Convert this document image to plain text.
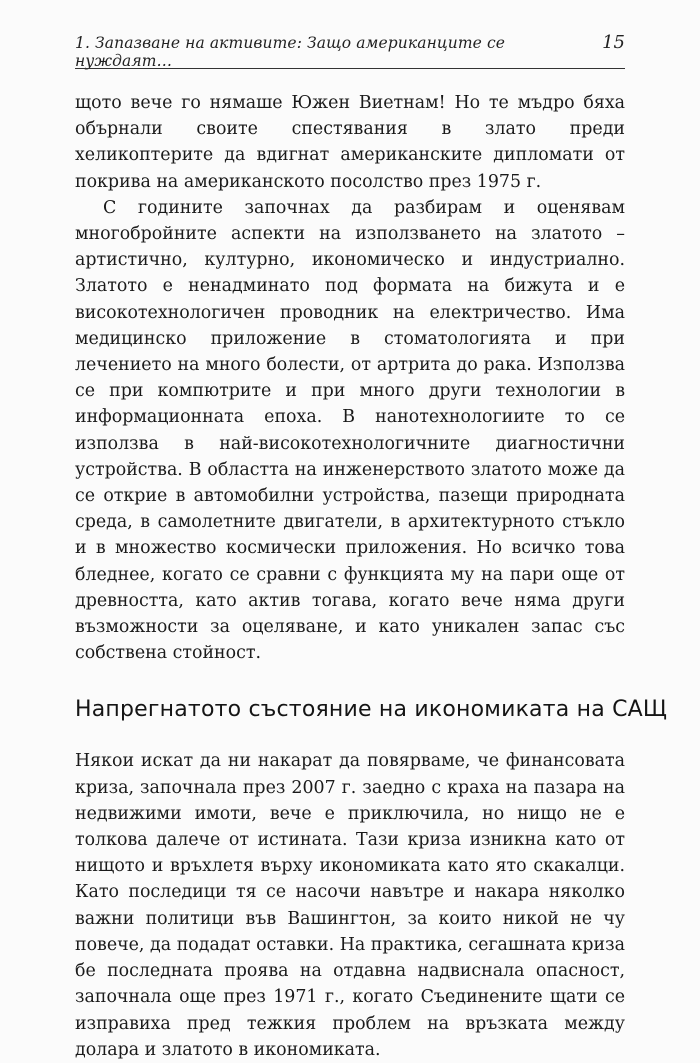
1. Запазване на активите: Защо американците се нуждаят…
15

щото вече го нямаше Южен Виетнам! Но те мъдро бяха обърнали своите спестявания в злато преди хеликоптерите да вдигнат американските дипломати от покрива на американското посолство през 1975 г.

С годините започнах да разбирам и оценявам многобройните аспекти на използването на златото – артистично, културно, икономическо и индустриално. Златото е ненадминато под формата на бижута и е високотехнологичен проводник на електричество. Има медицинско приложение в стоматологията и при лечението на много болести, от артрита до рака. Използва се при компютрите и при много други технологии в информационната епоха. В нанотехнологиите то се използва в най-високотехнологичните диагностични устройства. В областта на инженерството златото може да се открие в автомобилни устройства, пазещи природната среда, в самолетните двигатели, в архитектурното стъкло и в множество космически приложения. Но всичко това бледнее, когато се сравни с функцията му на пари още от древността, като актив тогава, когато вече няма други възможности за оцеляване, и като уникален запас със собствена стойност.

Напрегнатото състояние на икономиката на САЩ

Някои искат да ни накарат да повярваме, че финансовата криза, започнала през 2007 г. заедно с краха на пазара на недвижими имоти, вече е приключила, но нищо не е толкова далече от истината. Тази криза изникна като от нищото и връхлетя върху икономиката като ято скакалци. Като последици тя се насочи навътре и накара няколко важни политици във Вашингтон, за които никой не чу повече, да подадат оставки. На практика, сегашната криза бе последната проява на отдавна надвиснала опасност, започнала още през 1971 г., когато Съединените щати се изправиха пред тежкия проблем на връзката между долара и златото в икономиката.
